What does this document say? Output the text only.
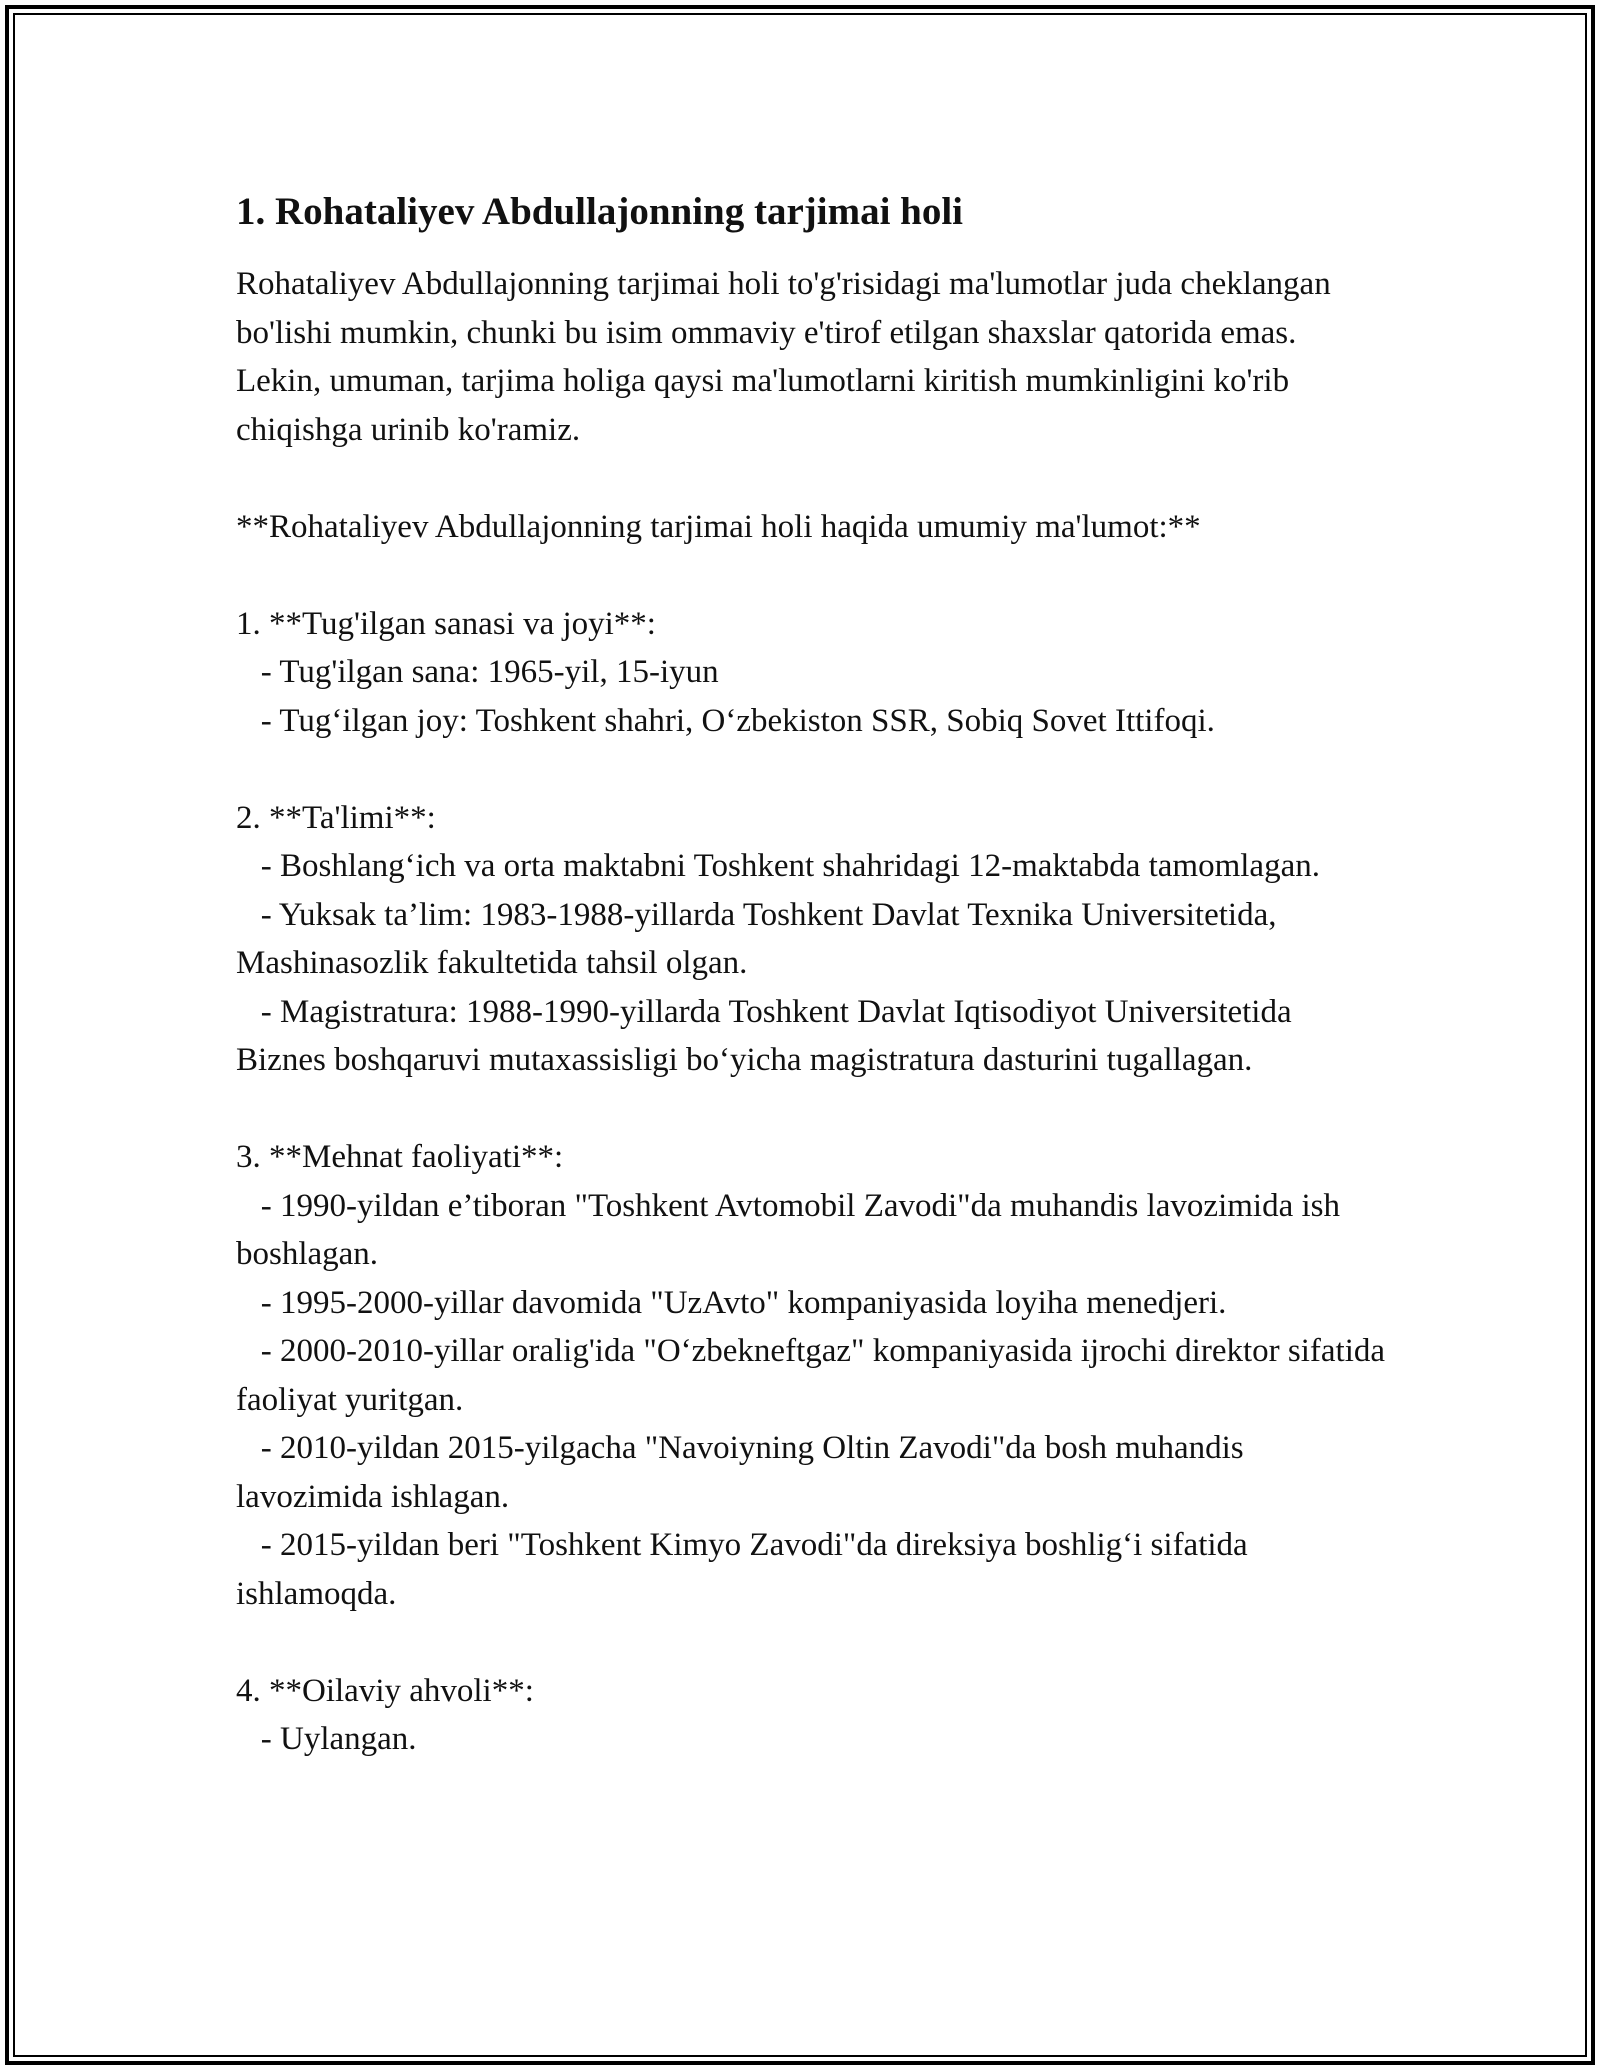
1. Rohataliyev Abdullajonning tarjimai holi

Rohataliyev Abdullajonning tarjimai holi to'g'risidagi ma'lumotlar juda cheklangan bo'lishi mumkin, chunki bu isim ommaviy e'tirof etilgan shaxslar qatorida emas. Lekin, umuman, tarjima holiga qaysi ma'lumotlarni kiritish mumkinligini ko'rib chiqishga urinib ko'ramiz.

**Rohataliyev Abdullajonning tarjimai holi haqida umumiy ma'lumot:**

1. **Tug'ilgan sanasi va joyi**:

- Tug'ilgan sana: 1965-yil, 15-iyun

- Tug‘ilgan joy: Toshkent shahri, O‘zbekiston SSR, Sobiq Sovet Ittifoqi.

2. **Ta'limi**:

- Boshlang‘ich va orta maktabni Toshkent shahridagi 12-maktabda tamomlagan.

- Yuksak ta’lim: 1983-1988-yillarda Toshkent Davlat Texnika Universitetida, Mashinasozlik fakultetida tahsil olgan.

- Magistratura: 1988-1990-yillarda Toshkent Davlat Iqtisodiyot Universitetida Biznes boshqaruvi mutaxassisligi bo‘yicha magistratura dasturini tugallagan.

3. **Mehnat faoliyati**:

- 1990-yildan e’tiboran "Toshkent Avtomobil Zavodi"da muhandis lavozimida ish boshlagan.

- 1995-2000-yillar davomida "UzAvto" kompaniyasida loyiha menedjeri.

- 2000-2010-yillar oralig'ida "O‘zbekneftgaz" kompaniyasida ijrochi direktor sifatida faoliyat yuritgan.

- 2010-yildan 2015-yilgacha "Navoiyning Oltin Zavodi"da bosh muhandis lavozimida ishlagan.

- 2015-yildan beri "Toshkent Kimyo Zavodi"da direksiya boshlig‘i sifatida ishlamoqda.

4. **Oilaviy ahvoli**:

- Uylangan.
